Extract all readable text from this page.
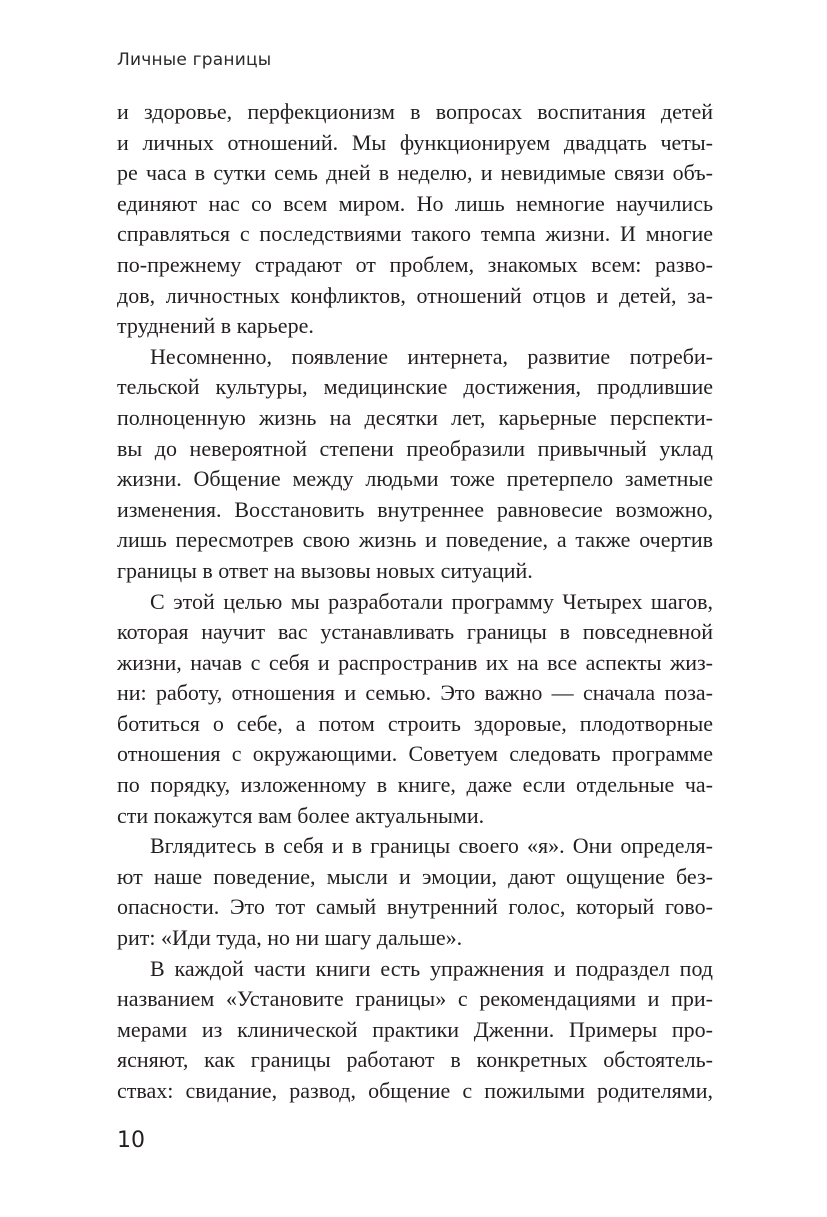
Личные границы
и здоровье, перфекционизм в вопросах воспитания детей
и личных отношений. Мы функционируем двадцать четы-
ре часа в сутки семь дней в неделю, и невидимые связи объ-
единяют нас со всем миром. Но лишь немногие научились
справляться с последствиями такого темпа жизни. И многие
по-прежнему страдают от проблем, знакомых всем: разво-
дов, личностных конфликтов, отношений отцов и детей, за-
труднений в карьере.
Несомненно, появление интернета, развитие потреби-
тельской культуры, медицинские достижения, продлившие
полноценную жизнь на десятки лет, карьерные перспекти-
вы до невероятной степени преобразили привычный уклад
жизни. Общение между людьми тоже претерпело заметные
изменения. Восстановить внутреннее равновесие возможно,
лишь пересмотрев свою жизнь и поведение, а также очертив
границы в ответ на вызовы новых ситуаций.
С этой целью мы разработали программу Четырех шагов,
которая научит вас устанавливать границы в повседневной
жизни, начав с себя и распространив их на все аспекты жиз-
ни: работу, отношения и семью. Это важно — сначала поза-
ботиться о себе, а потом строить здоровые, плодотворные
отношения с окружающими. Советуем следовать программе
по порядку, изложенному в книге, даже если отдельные ча-
сти покажутся вам более актуальными.
Вглядитесь в себя и в границы своего «я». Они определя-
ют наше поведение, мысли и эмоции, дают ощущение без-
опасности. Это тот самый внутренний голос, который гово-
рит: «Иди туда, но ни шагу дальше».
В каждой части книги есть упражнения и подраздел под
названием «Установите границы» с рекомендациями и при-
мерами из клинической практики Дженни. Примеры про-
ясняют, как границы работают в конкретных обстоятель-
ствах: свидание, развод, общение с пожилыми родителями,
10
